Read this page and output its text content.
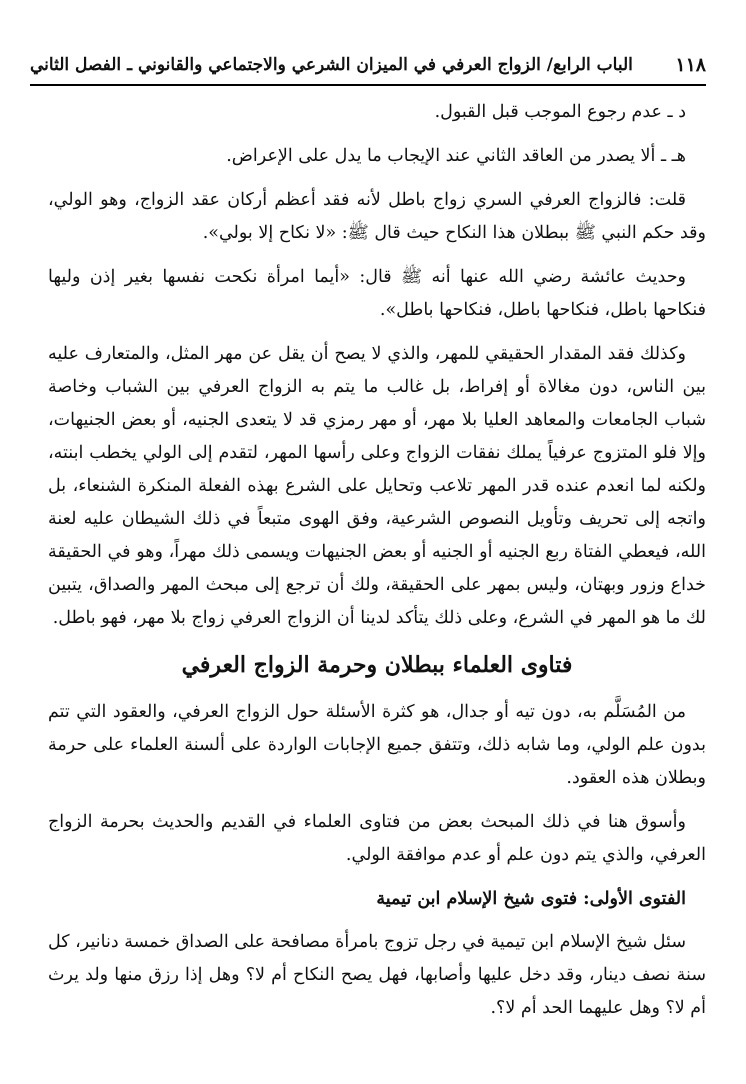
١١٨
الباب الرابع/ الزواج العرفي في الميزان الشرعي والاجتماعي والقانوني ـ الفصل الثاني

د ـ عدم رجوع الموجب قبل القبول.

هـ ـ ألا يصدر من العاقد الثاني عند الإيجاب ما يدل على الإعراض.

قلت: فالزواج العرفي السري زواج باطل لأنه فقد أعظم أركان عقد الزواج، وهو الولي، وقد حكم النبي ﷺ ببطلان هذا النكاح حيث قال ﷺ: «لا نكاح إلا بولي».

وحديث عائشة رضي الله عنها أنه ﷺ قال: «أيما امرأة نكحت نفسها بغير إذن وليها فنكاحها باطل، فنكاحها باطل، فنكاحها باطل».

وكذلك فقد المقدار الحقيقي للمهر، والذي لا يصح أن يقل عن مهر المثل، والمتعارف عليه بين الناس، دون مغالاة أو إفراط، بل غالب ما يتم به الزواج العرفي بين الشباب وخاصة شباب الجامعات والمعاهد العليا بلا مهر، أو مهر رمزي قد لا يتعدى الجنيه، أو بعض الجنيهات، وإلا فلو المتزوج عرفياً يملك نفقات الزواج وعلى رأسها المهر، لتقدم إلى الولي يخطب ابنته، ولكنه لما انعدم عنده قدر المهر تلاعب وتحايل على الشرع بهذه الفعلة المنكرة الشنعاء، بل واتجه إلى تحريف وتأويل النصوص الشرعية، وفق الهوى متبعاً في ذلك الشيطان عليه لعنة الله، فيعطي الفتاة ربع الجنيه أو الجنيه أو بعض الجنيهات ويسمى ذلك مهراً، وهو في الحقيقة خداع وزور وبهتان، وليس بمهر على الحقيقة، ولك أن ترجع إلى مبحث المهر والصداق، يتبين لك ما هو المهر في الشرع، وعلى ذلك يتأكد لدينا أن الزواج العرفي زواج بلا مهر، فهو باطل.

فتاوى العلماء ببطلان وحرمة الزواج العرفي

من المُسَلَّم به، دون تيه أو جدال، هو كثرة الأسئلة حول الزواج العرفي، والعقود التي تتم بدون علم الولي، وما شابه ذلك، وتتفق جميع الإجابات الواردة على ألسنة العلماء على حرمة وبطلان هذه العقود.

وأسوق هنا في ذلك المبحث بعض من فتاوى العلماء في القديم والحديث بحرمة الزواج العرفي، والذي يتم دون علم أو عدم موافقة الولي.

الفتوى الأولى: فتوى شيخ الإسلام ابن تيمية

سئل شيخ الإسلام ابن تيمية في رجل تزوج بامرأة مصافحة على الصداق خمسة دنانير، كل سنة نصف دينار، وقد دخل عليها وأصابها، فهل يصح النكاح أم لا؟ وهل إذا رزق منها ولد يرث أم لا؟ وهل عليهما الحد أم لا؟.
